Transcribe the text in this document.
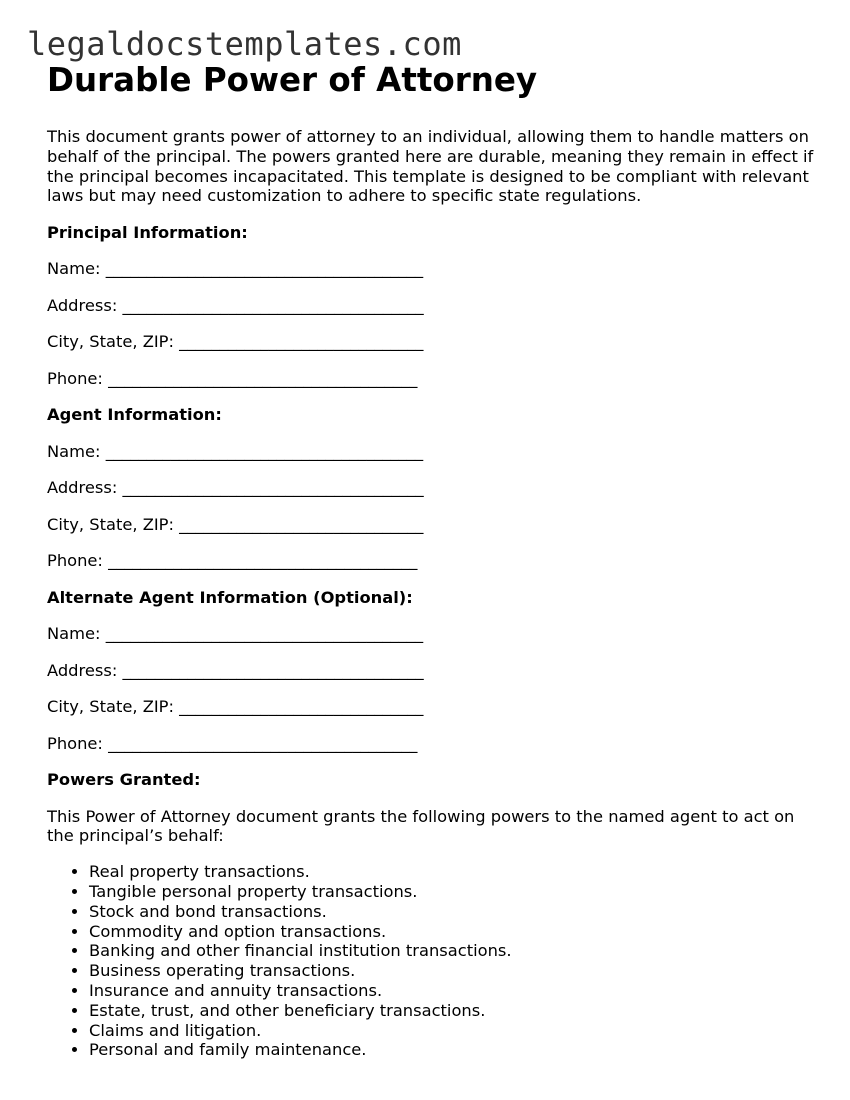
legaldocstemplates.com
Durable Power of Attorney

This document grants power of attorney to an individual, allowing them to handle matters on behalf of the principal. The powers granted here are durable, meaning they remain in effect if the principal becomes incapacitated. This template is designed to be compliant with relevant laws but may need customization to adhere to specific state regulations.

Principal Information:

Name: _______________________________________

Address: _____________________________________

City, State, ZIP: ______________________________

Phone: ______________________________________

Agent Information:

Name: _______________________________________

Address: _____________________________________

City, State, ZIP: ______________________________

Phone: ______________________________________

Alternate Agent Information (Optional):

Name: _______________________________________

Address: _____________________________________

City, State, ZIP: ______________________________

Phone: ______________________________________

Powers Granted:

This Power of Attorney document grants the following powers to the named agent to act on the principal’s behalf:

• Real property transactions.
• Tangible personal property transactions.
• Stock and bond transactions.
• Commodity and option transactions.
• Banking and other financial institution transactions.
• Business operating transactions.
• Insurance and annuity transactions.
• Estate, trust, and other beneficiary transactions.
• Claims and litigation.
• Personal and family maintenance.
